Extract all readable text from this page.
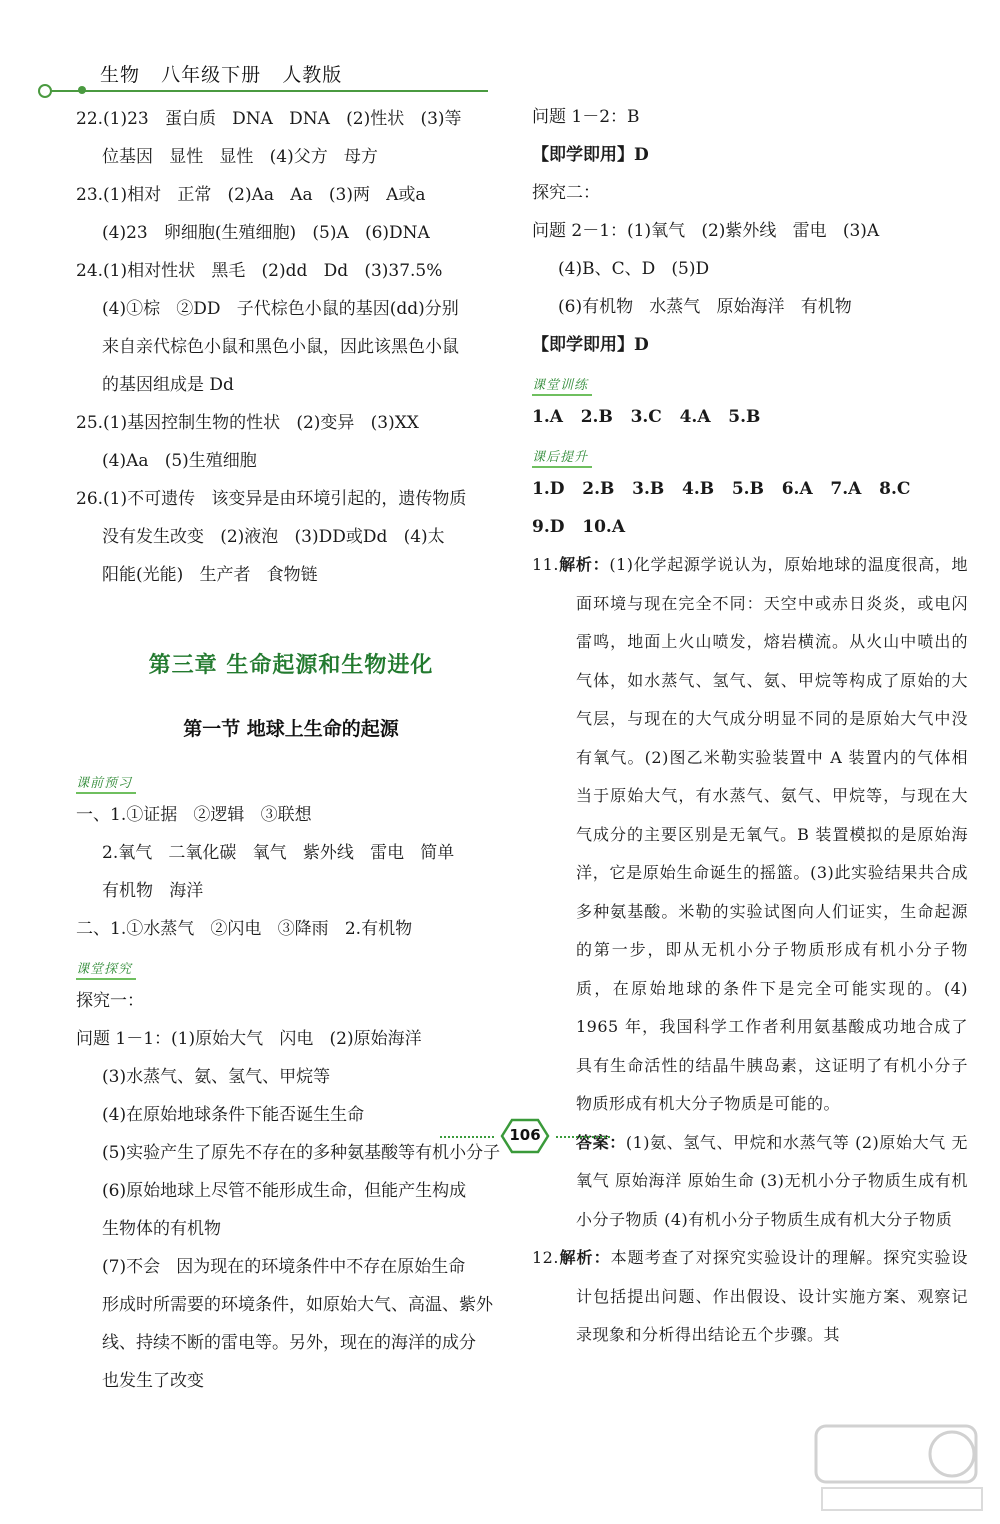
生物   八年级下册   人教版
22.(1)23   蛋白质   DNA   DNA   (2)性状   (3)等
位基因   显性   显性   (4)父方   母方
23.(1)相对   正常   (2)Aa   Aa   (3)两   A或a
(4)23   卵细胞(生殖细胞)   (5)A   (6)DNA
24.(1)相对性状   黑毛   (2)dd   Dd   (3)37.5%
(4)①棕   ②DD   子代棕色小鼠的基因(dd)分别
来自亲代棕色小鼠和黑色小鼠，因此该黑色小鼠
的基因组成是 Dd
25.(1)基因控制生物的性状   (2)变异   (3)XX
(4)Aa   (5)生殖细胞
26.(1)不可遗传   该变异是由环境引起的，遗传物质
没有发生改变   (2)液泡   (3)DD或Dd   (4)太
阳能(光能)   生产者   食物链
第三章 生命起源和生物进化
第一节 地球上生命的起源
课前预习
一、1.①证据   ②逻辑   ③联想
2.氧气   二氧化碳   氧气   紫外线   雷电   简单
有机物   海洋
二、1.①水蒸气   ②闪电   ③降雨   2.有机物
课堂探究
探究一：
问题 1－1：(1)原始大气   闪电   (2)原始海洋
(3)水蒸气、氨、氢气、甲烷等
(4)在原始地球条件下能否诞生生命
(5)实验产生了原先不存在的多种氨基酸等有机小分子
(6)原始地球上尽管不能形成生命，但能产生构成
生物体的有机物
(7)不会   因为现在的环境条件中不存在原始生命
形成时所需要的环境条件，如原始大气、高温、紫外
线、持续不断的雷电等。另外，现在的海洋的成分
也发生了改变
问题 1－2：B
【即学即用】D
探究二：
问题 2－1：(1)氧气   (2)紫外线   雷电   (3)A
(4)B、C、D   (5)D
(6)有机物   水蒸气   原始海洋   有机物
【即学即用】D
课堂训练
1.A   2.B   3.C   4.A   5.B
课后提升
1.D   2.B   3.B   4.B   5.B   6.A   7.A   8.C
9.D   10.A
11.解析：(1)化学起源学说认为，原始地球的温度很高，地面环境与现在完全不同：天空中或赤日炎炎，或电闪雷鸣，地面上火山喷发，熔岩横流。从火山中喷出的气体，如水蒸气、氢气、氨、甲烷等构成了原始的大气层，与现在的大气成分明显不同的是原始大气中没有氧气。(2)图乙米勒实验装置中 A 装置内的气体相当于原始大气，有水蒸气、氨气、甲烷等，与现在大气成分的主要区别是无氧气。B 装置模拟的是原始海洋，它是原始生命诞生的摇篮。(3)此实验结果共合成多种氨基酸。米勒的实验试图向人们证实，生命起源的第一步，即从无机小分子物质形成有机小分子物质，在原始地球的条件下是完全可能实现的。(4) 1965 年，我国科学工作者利用氨基酸成功地合成了具有生命活性的结晶牛胰岛素，这证明了有机小分子物质形成有机大分子物质是可能的。
答案：(1)氨、氢气、甲烷和水蒸气等 (2)原始大气 无氧气 原始海洋 原始生命 (3)无机小分子物质生成有机小分子物质 (4)有机小分子物质生成有机大分子物质
12.解析：本题考查了对探究实验设计的理解。探究实验设计包括提出问题、作出假设、设计实施方案、观察记录现象和分析得出结论五个步骤。其
106
